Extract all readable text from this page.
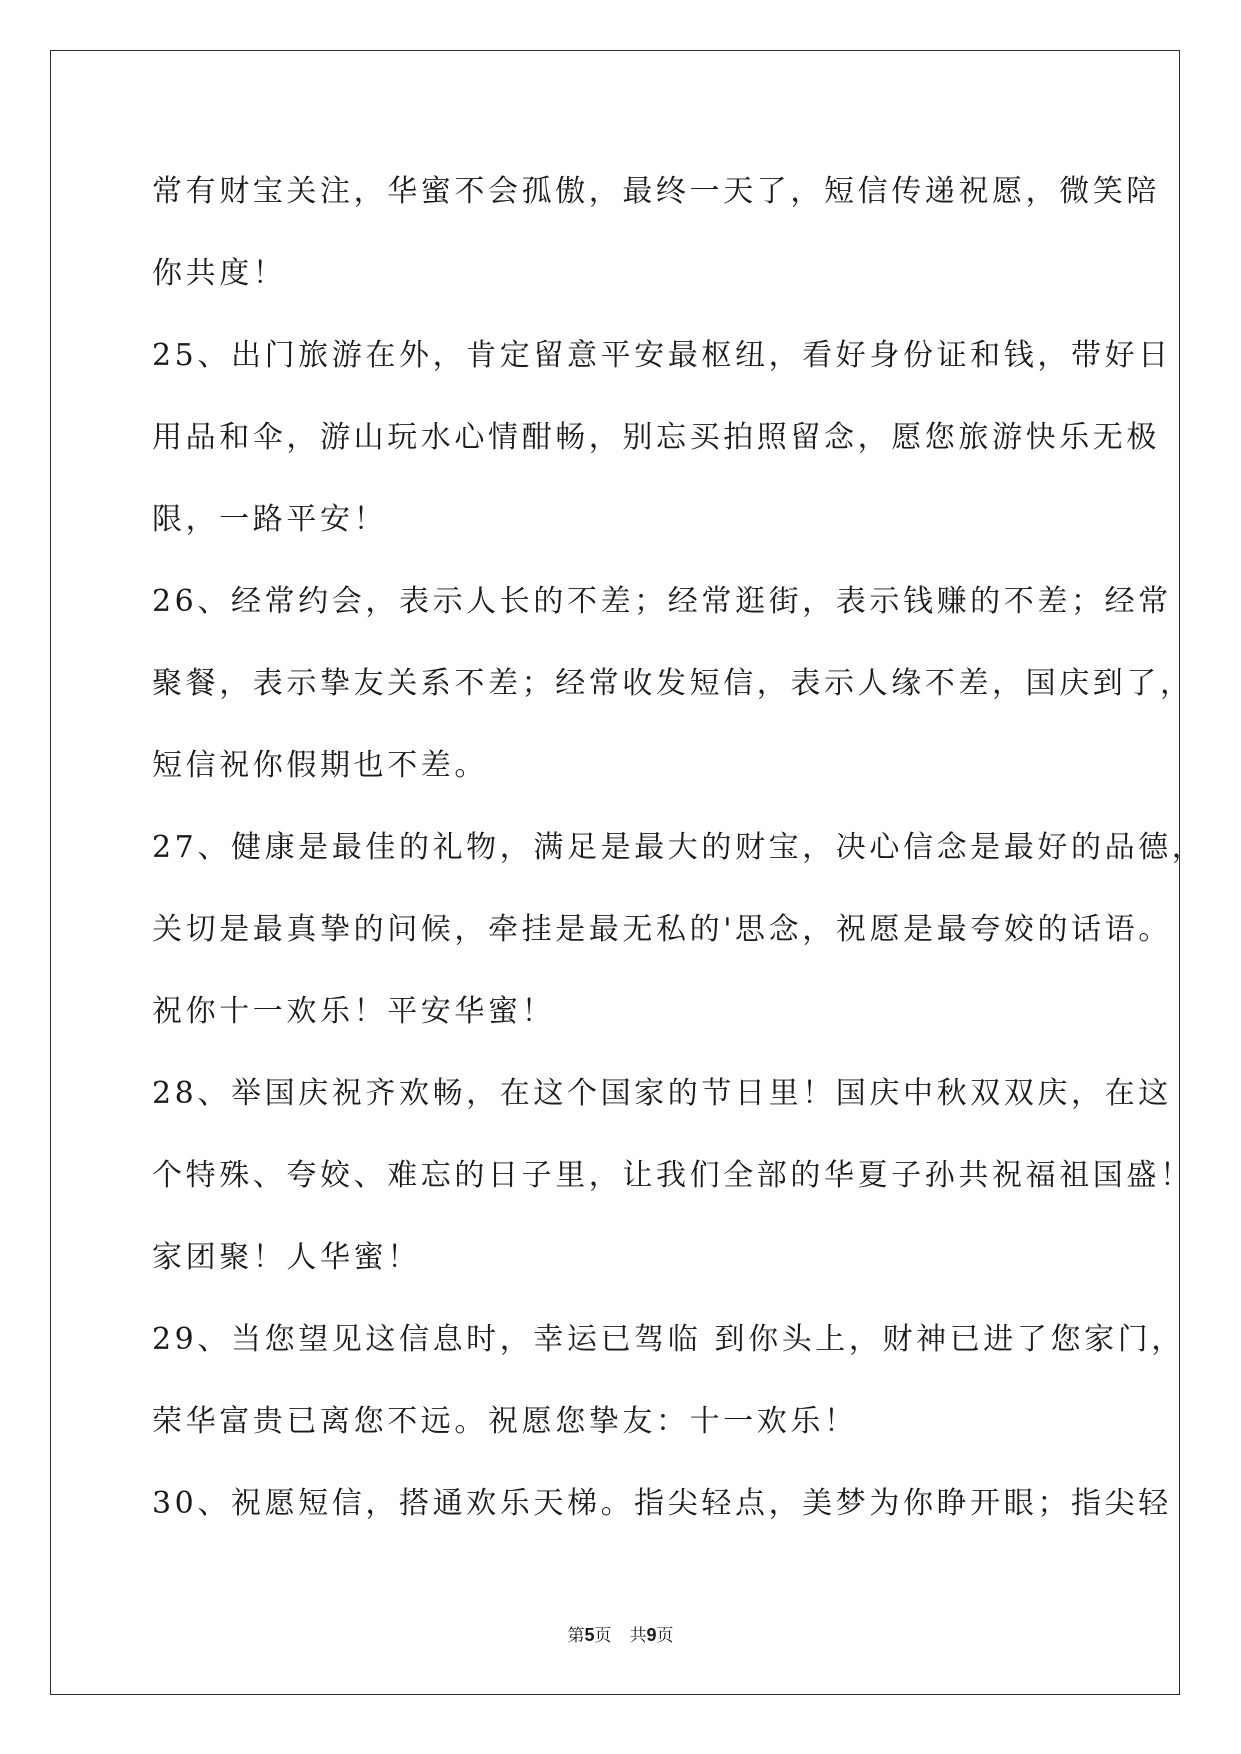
常有财宝关注，华蜜不会孤傲，最终一天了，短信传递祝愿，微笑陪
你共度！
25、出门旅游在外，肯定留意平安最枢纽，看好身份证和钱，带好日
用品和伞，游山玩水心情酣畅，别忘买拍照留念，愿您旅游快乐无极
限，一路平安！
26、经常约会，表示人长的不差；经常逛街，表示钱赚的不差；经常
聚餐，表示挚友关系不差；经常收发短信，表示人缘不差，国庆到了，
短信祝你假期也不差。
27、健康是最佳的礼物，满足是最大的财宝，决心信念是最好的品德，
关切是最真挚的问候，牵挂是最无私的'思念，祝愿是最夸姣的话语。
祝你十一欢乐！平安华蜜！
28、举国庆祝齐欢畅，在这个国家的节日里！国庆中秋双双庆，在这
个特殊、夸姣、难忘的日子里，让我们全部的华夏子孙共祝福祖国盛！
家团聚！人华蜜！
29、当您望见这信息时，幸运已驾临 到你头上，财神已进了您家门，
荣华富贵已离您不远。祝愿您挚友：十一欢乐！
30、祝愿短信，搭通欢乐天梯。指尖轻点，美梦为你睁开眼；指尖轻
第5页 共9页
